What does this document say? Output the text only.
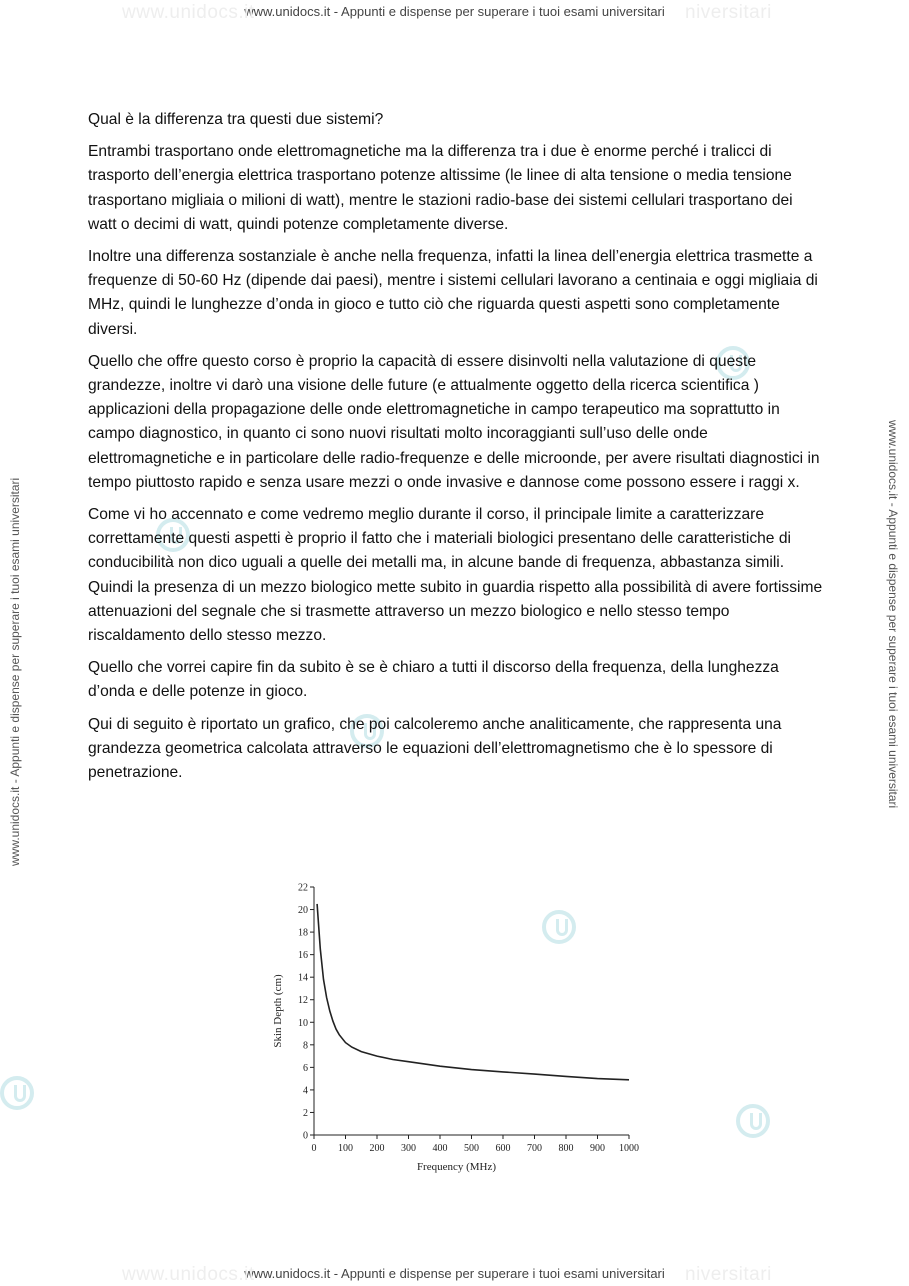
www.unidocs.it - Appunti e dispense per superare i tuoi esami universitari
www.unidocs.it	niversitari
www.unidocs.it - Appunti e dispense per superare i tuoi esami universitari	www.unidocs.it - Appunti e dispense per superare i tuoi esami universitari

Qual è la differenza tra questi due sistemi?

Entrambi trasportano onde elettromagnetiche ma la differenza tra i due è enorme perché i tralicci di trasporto dell’energia elettrica trasportano potenze altissime (le linee di alta tensione o media tensione trasportano migliaia o milioni di watt), mentre le stazioni radio-base dei sistemi cellulari trasportano dei watt o decimi di watt, quindi potenze completamente diverse.

Inoltre una differenza sostanziale è anche nella frequenza, infatti la linea dell’energia elettrica trasmette a frequenze di 50-60 Hz (dipende dai paesi), mentre i sistemi cellulari lavorano a centinaia e oggi migliaia di MHz, quindi le lunghezze d’onda in gioco e tutto ciò che riguarda questi aspetti sono completamente diversi.

Quello che offre questo corso è proprio la capacità di essere disinvolti nella valutazione di queste grandezze, inoltre vi darò una visione delle future (e attualmente oggetto della ricerca scientifica ) applicazioni della propagazione delle onde elettromagnetiche in campo terapeutico ma soprattutto in campo diagnostico, in quanto ci sono nuovi risultati molto incoraggianti sull’uso delle onde elettromagnetiche e in particolare delle radio-frequenze e delle microonde, per avere risultati diagnostici in tempo piuttosto rapido e senza usare mezzi o onde invasive e dannose come possono essere i raggi x.

Come vi ho accennato e come vedremo meglio durante il corso, il principale limite a caratterizzare correttamente questi aspetti è proprio il fatto che i materiali biologici presentano delle caratteristiche di conducibilità non dico uguali a quelle dei metalli ma, in alcune bande di frequenza, abbastanza simili. Quindi la presenza di un mezzo biologico mette subito in guardia rispetto alla possibilità di avere fortissime attenuazioni del segnale che si trasmette attraverso un mezzo biologico e nello stesso tempo riscaldamento dello stesso mezzo.

Quello che vorrei capire fin da subito è se è chiaro a tutti il discorso della frequenza, della lunghezza d’onda e delle potenze in gioco.

Qui di seguito è riportato un grafico, che poi calcoleremo anche analiticamente, che rappresenta una grandezza geometrica calcolata attraverso le equazioni dell’elettromagnetismo che è lo spessore di penetrazione.

0
2
4
6
8
10
12
14
16
18
20
22
0 100 200 300 400 500 600 700 800 900 1000
Skin Depth (cm)
Frequency (MHz)
www.unidocs.it - Appunti e dispense per superare i tuoi esami universitari
www.unidocs.it	niversitari
